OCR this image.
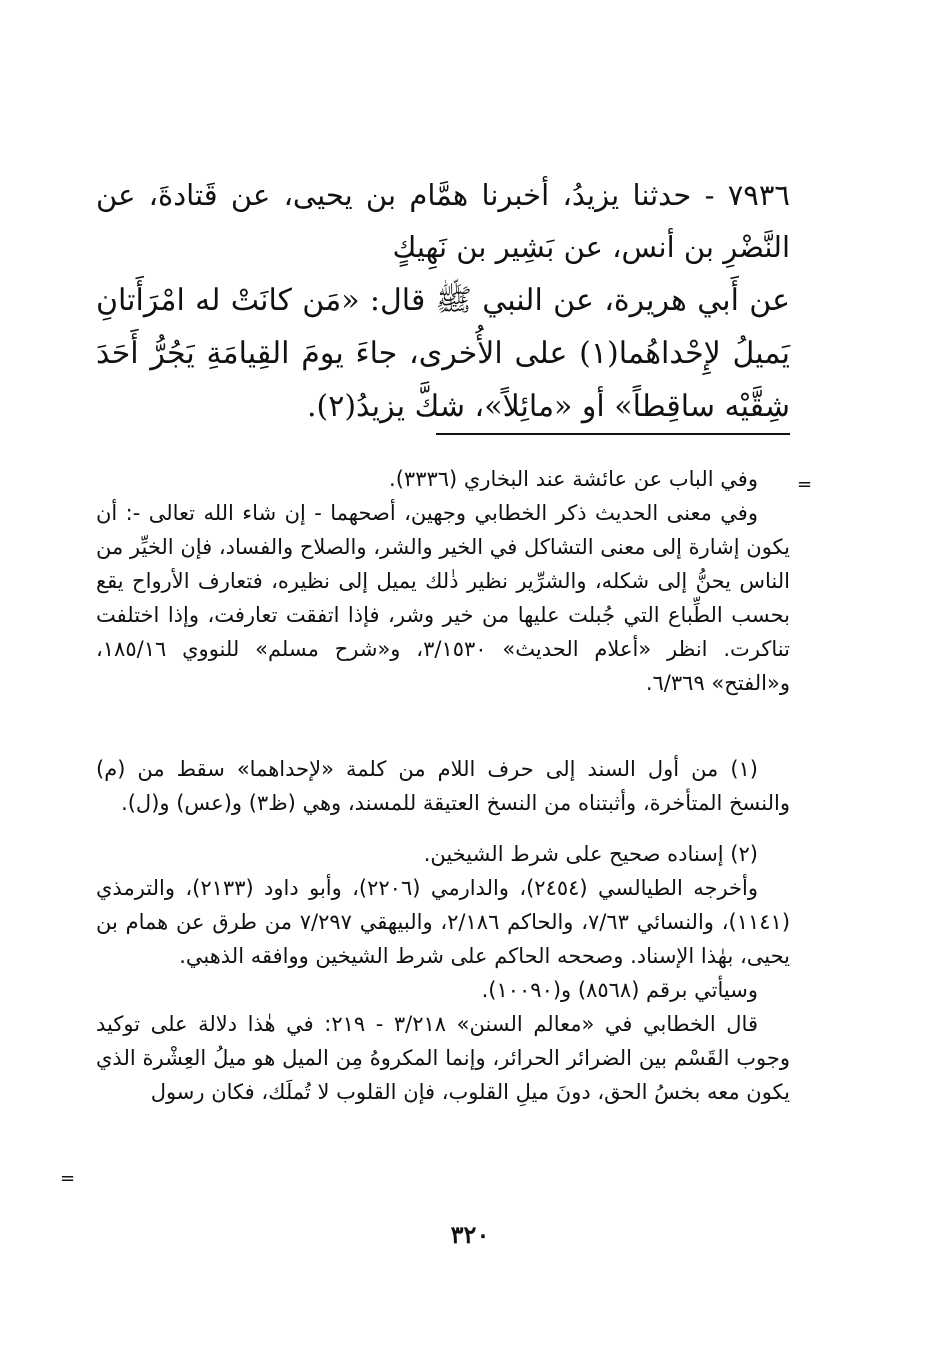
٧٩٣٦ - حدثنا يزيدُ، أخبرنا همَّام بن يحيى، عن قَتادةَ، عن النَّضْرِ بن أنس، عن بَشِير بن نَهِيكٍ

عن أَبي هريرة، عن النبي ﷺ قال: «مَن كانَتْ له امْرَأَتانِ يَميلُ لإِحْداهُما(١) على الأُخرى، جاءَ يومَ القِيامَةِ يَجُرُّ أَحَدَ شِقَّيْه ساقِطاً» أو «مائِلاً»، شكَّ يزيدُ(٢).

=

وفي الباب عن عائشة عند البخاري (٣٣٣٦).

وفي معنى الحديث ذكر الخطابي وجهين، أصحهما - إن شاء الله تعالى -: أن يكون إشارة إلى معنى التشاكل في الخير والشر، والصلاح والفساد، فإن الخيِّر من الناس يحنُّ إلى شكله، والشرِّير نظير ذٰلك يميل إلى نظيره، فتعارف الأرواح يقع بحسب الطِّباع التي جُبلت عليها من خير وشر، فإذا اتفقت تعارفت، وإذا اختلفت تناكرت. انظر «أعلام الحديث» ٣/١٥٣٠، و«شرح مسلم» للنووي ١٨٥/١٦، و«الفتح» ٦/٣٦٩.

(١) من أول السند إلى حرف اللام من كلمة «لإحداهما» سقط من (م) والنسخ المتأخرة، وأثبتناه من النسخ العتيقة للمسند، وهي (ظ٣) و(عس) و(ل).

(٢) إسناده صحيح على شرط الشيخين.

وأخرجه الطيالسي (٢٤٥٤)، والدارمي (٢٢٠٦)، وأبو داود (٢١٣٣)، والترمذي (١١٤١)، والنسائي ٧/٦٣، والحاكم ٢/١٨٦، والبيهقي ٧/٢٩٧ من طرق عن همام بن يحيى، بهٰذا الإسناد. وصححه الحاكم على شرط الشيخين ووافقه الذهبي.

وسيأتي برقم (٨٥٦٨) و(١٠٠٩٠).

قال الخطابي في «معالم السنن» ٣/٢١٨ - ٢١٩: في هٰذا دلالة على توكيد وجوب القَسْم بين الضرائر الحرائر، وإنما المكروهُ مِن الميل هو ميلُ العِشْرة الذي يكون معه بخسُ الحق، دونَ ميلِ القلوب، فإن القلوب لا تُملَك، فكان رسول

=
٣٢٠
